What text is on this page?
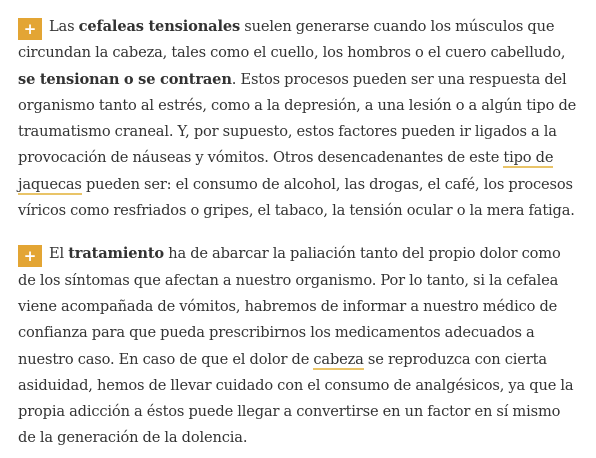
+ Las cefaleas tensionales suelen generarse cuando los músculos que circundan la cabeza, tales como el cuello, los hombros o el cuero cabelludo, se tensionan o se contraen. Estos procesos pueden ser una respuesta del organismo tanto al estrés, como a la depresión, a una lesión o a algún tipo de traumatismo craneal. Y, por supuesto, estos factores pueden ir ligados a la provocación de náuseas y vómitos. Otros desencadenantes de este tipo de jaquecas pueden ser: el consumo de alcohol, las drogas, el café, los procesos víricos como resfriados o gripes, el tabaco, la tensión ocular o la mera fatiga.

+ El tratamiento ha de abarcar la paliación tanto del propio dolor como de los síntomas que afectan a nuestro organismo. Por lo tanto, si la cefalea viene acompañada de vómitos, habremos de informar a nuestro médico de confianza para que pueda prescribirnos los medicamentos adecuados a nuestro caso. En caso de que el dolor de cabeza se reproduzca con cierta asiduidad, hemos de llevar cuidado con el consumo de analgésicos, ya que la propia adicción a éstos puede llegar a convertirse en un factor en sí mismo de la generación de la dolencia.
